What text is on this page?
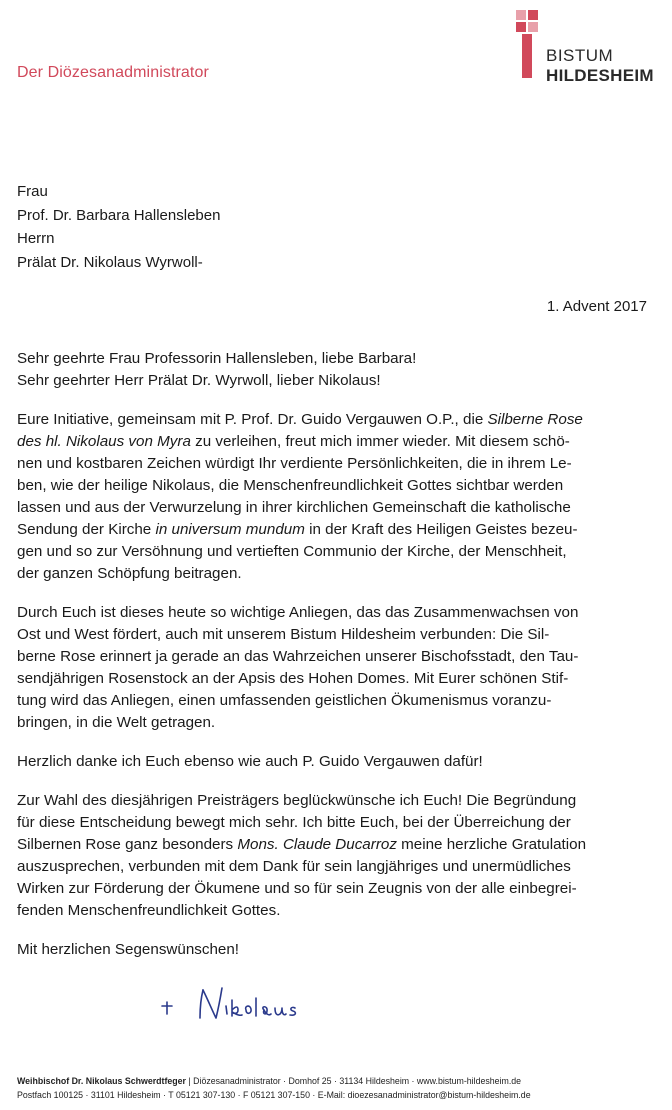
Der Diözesanadministrator
BISTUM
HILDESHEIM
Frau
Prof. Dr. Barbara Hallensleben
Herrn
Prälat Dr. Nikolaus Wyrwoll-
1. Advent 2017

Sehr geehrte Frau Professorin Hallensleben, liebe Barbara!
Sehr geehrter Herr Prälat Dr. Wyrwoll, lieber Nikolaus!

Eure Initiative, gemeinsam mit P. Prof. Dr. Guido Vergauwen O.P., die Silberne Rose
des hl. Nikolaus von Myra zu verleihen, freut mich immer wieder. Mit diesem schö-
nen und kostbaren Zeichen würdigt Ihr verdiente Persönlichkeiten, die in ihrem Le-
ben, wie der heilige Nikolaus, die Menschenfreundlichkeit Gottes sichtbar werden
lassen und aus der Verwurzelung in ihrer kirchlichen Gemeinschaft die katholische
Sendung der Kirche in universum mundum in der Kraft des Heiligen Geistes bezeu-
gen und so zur Versöhnung und vertieften Communio der Kirche, der Menschheit,
der ganzen Schöpfung beitragen.

Durch Euch ist dieses heute so wichtige Anliegen, das das Zusammenwachsen von
Ost und West fördert, auch mit unserem Bistum Hildesheim verbunden: Die Sil-
berne Rose erinnert ja gerade an das Wahrzeichen unserer Bischofsstadt, den Tau-
sendjährigen Rosenstock an der Apsis des Hohen Domes. Mit Eurer schönen Stif-
tung wird das Anliegen, einen umfassenden geistlichen Ökumenismus voranzu-
bringen, in die Welt getragen.

Herzlich danke ich Euch ebenso wie auch P. Guido Vergauwen dafür!

Zur Wahl des diesjährigen Preisträgers beglückwünsche ich Euch! Die Begründung
für diese Entscheidung bewegt mich sehr. Ich bitte Euch, bei der Überreichung der
Silbernen Rose ganz besonders Mons. Claude Ducarroz meine herzliche Gratulation
auszusprechen, verbunden mit dem Dank für sein langjähriges und unermüdliches
Wirken zur Förderung der Ökumene und so für sein Zeugnis von der alle einbegrei-
fenden Menschenfreundlichkeit Gottes.

Mit herzlichen Segenswünschen!

Weihbischof Dr. Nikolaus Schwerdtfeger | Diözesanadministrator · Domhof 25 · 31134 Hildesheim · www.bistum-hildesheim.de
Postfach 100125 · 31101 Hildesheim · T 05121 307-130 · F 05121 307-150 · E-Mail: dioezesanadministrator@bistum-hildesheim.de
